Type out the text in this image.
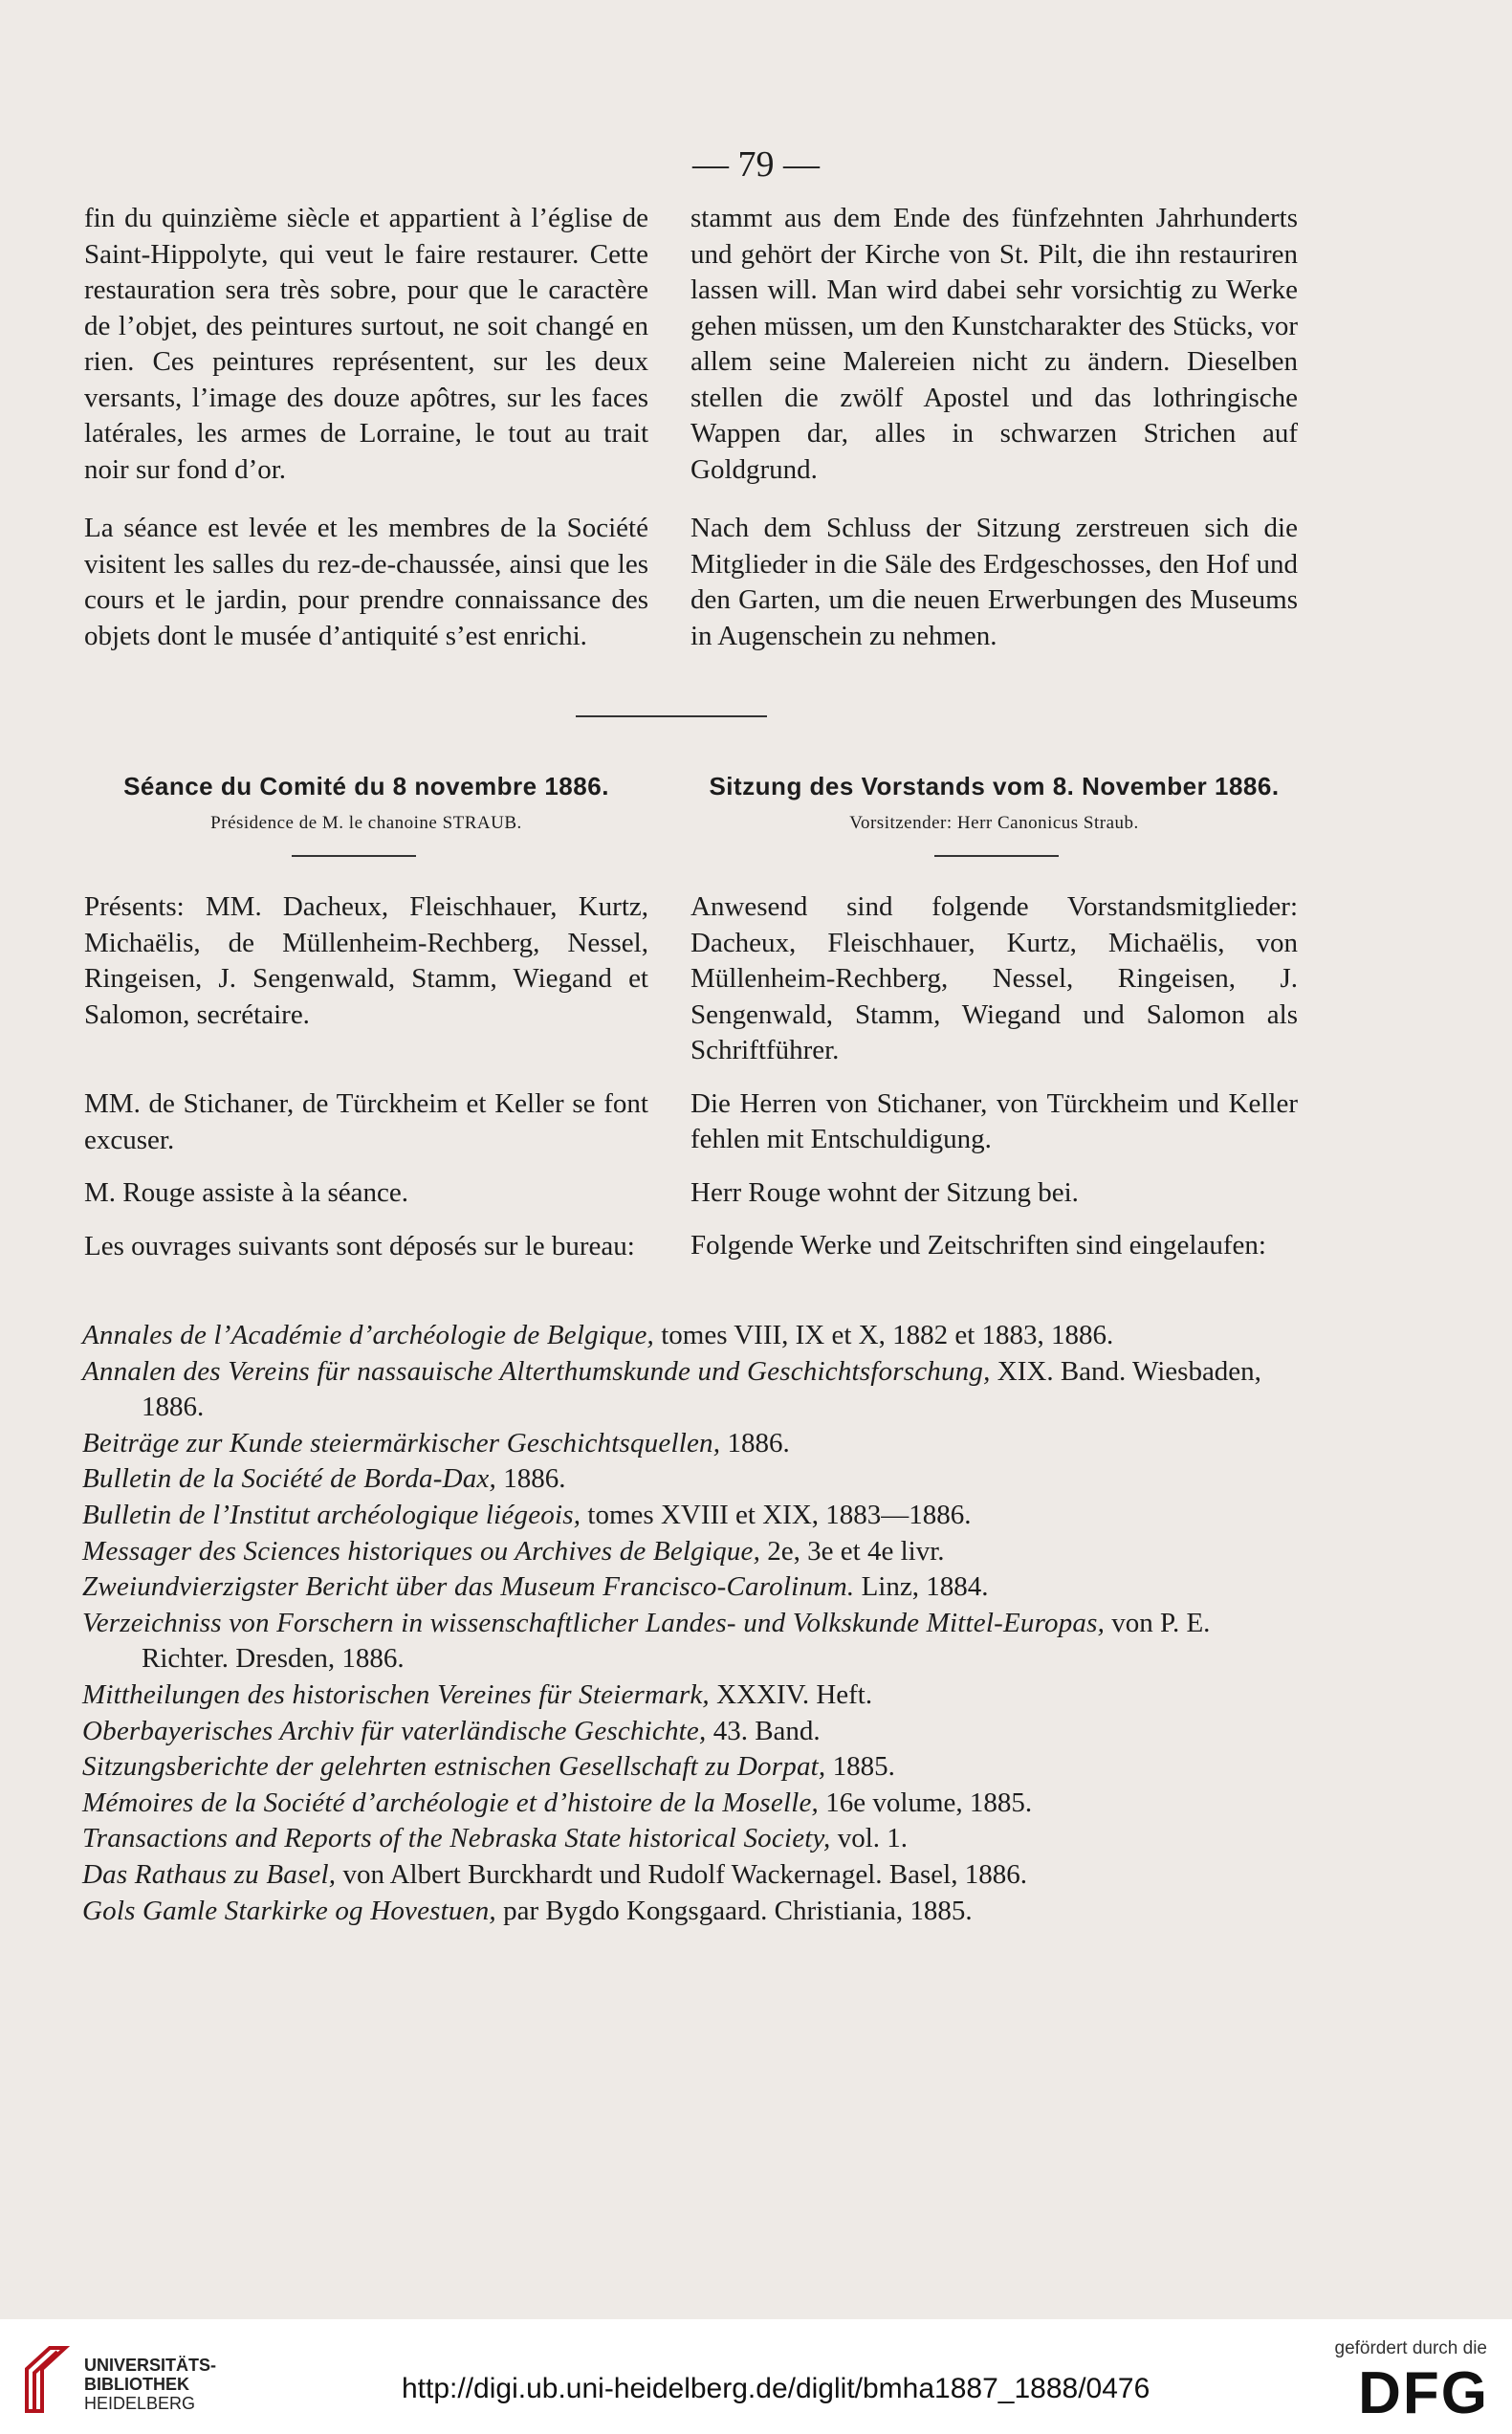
— 79 —

fin du quinzième siècle et appartient à l’église de Saint-Hippolyte, qui veut le faire restaurer. Cette restauration sera très sobre, pour que le caractère de l’objet, des peintures surtout, ne soit changé en rien. Ces peintures représentent, sur les deux versants, l’image des douze apôtres, sur les faces latérales, les armes de Lorraine, le tout au trait noir sur fond d’or.

La séance est levée et les membres de la Société visitent les salles du rez-de-chaussée, ainsi que les cours et le jardin, pour prendre connaissance des objets dont le musée d’antiquité s’est enrichi.

stammt aus dem Ende des fünfzehnten Jahrhunderts und gehört der Kirche von St. Pilt, die ihn restauriren lassen will. Man wird dabei sehr vorsichtig zu Werke gehen müssen, um den Kunstcharakter des Stücks, vor allem seine Malereien nicht zu ändern. Dieselben stellen die zwölf Apostel und das lothringische Wappen dar, alles in schwarzen Strichen auf Goldgrund.

Nach dem Schluss der Sitzung zerstreuen sich die Mitglieder in die Säle des Erdgeschosses, den Hof und den Garten, um die neuen Erwerbungen des Museums in Augenschein zu nehmen.

Séance du Comité du 8 novembre 1886.
Présidence de M. le chanoine STRAUB.
Sitzung des Vorstands vom 8. November 1886.
Vorsitzender: Herr Canonicus Straub.

Présents: MM. Dacheux, Fleischhauer, Kurtz, Michaëlis, de Müllenheim-Rechberg, Nessel, Ringeisen, J. Sengenwald, Stamm, Wiegand et Salomon, secrétaire.

MM. de Stichaner, de Türckheim et Keller se font excuser.

M. Rouge assiste à la séance.

Les ouvrages suivants sont déposés sur le bureau:

Anwesend sind folgende Vorstandsmitglieder: Dacheux, Fleischhauer, Kurtz, Michaëlis, von Müllenheim-Rechberg, Nessel, Ringeisen, J. Sengenwald, Stamm, Wiegand und Salomon als Schriftführer.

Die Herren von Stichaner, von Türckheim und Keller fehlen mit Entschuldigung.

Herr Rouge wohnt der Sitzung bei.

Folgende Werke und Zeitschriften sind eingelaufen:

Annales de l’Académie d’archéologie de Belgique, tomes VIII, IX et X, 1882 et 1883, 1886.
Annalen des Vereins für nassauische Alterthumskunde und Geschichtsforschung, XIX. Band. Wiesbaden, 1886.
Beiträge zur Kunde steiermärkischer Geschichtsquellen, 1886.
Bulletin de la Société de Borda-Dax, 1886.
Bulletin de l’Institut archéologique liégeois, tomes XVIII et XIX, 1883—1886.
Messager des Sciences historiques ou Archives de Belgique, 2e, 3e et 4e livr.
Zweiundvierzigster Bericht über das Museum Francisco-Carolinum. Linz, 1884.
Verzeichniss von Forschern in wissenschaftlicher Landes- und Volkskunde Mittel-Europas, von P. E. Richter. Dresden, 1886.
Mittheilungen des historischen Vereines für Steiermark, XXXIV. Heft.
Oberbayerisches Archiv für vaterländische Geschichte, 43. Band.
Sitzungsberichte der gelehrten estnischen Gesellschaft zu Dorpat, 1885.
Mémoires de la Société d’archéologie et d’histoire de la Moselle, 16e volume, 1885.
Transactions and Reports of the Nebraska State historical Society, vol. 1.
Das Rathaus zu Basel, von Albert Burckhardt und Rudolf Wackernagel. Basel, 1886.
Gols Gamle Starkirke og Hovestuen, par Bygdo Kongsgaard. Christiania, 1885.
UNIVERSITÄTS-
BIBLIOTHEK
HEIDELBERG	http://digi.ub.uni-heidelberg.de/diglit/bmha1887_1888/0476
gefördert durch die
DFG
